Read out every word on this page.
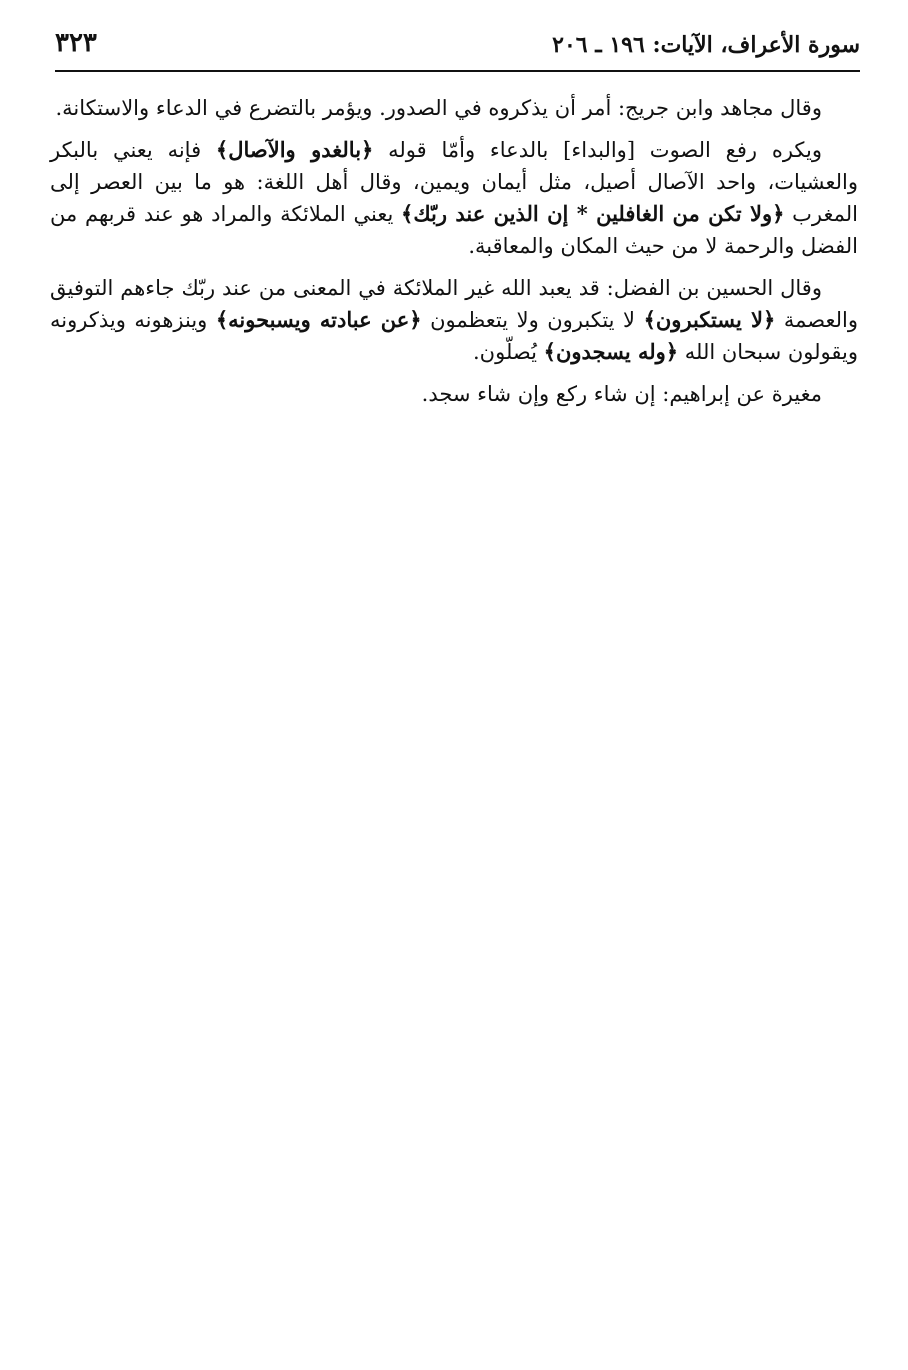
سورة الأعراف، الآيات: ١٩٦ ـ ٢٠٦
٣٢٣

وقال مجاهد وابن جريج: أمر أن يذكروه في الصدور. ويؤمر بالتضرع في الدعاء والاستكانة.

ويكره رفع الصوت [والبداء] بالدعاء وأمّا قوله ﴿بالغدو والآصال﴾ فإنه يعني بالبكر والعشيات، واحد الآصال أصيل، مثل أيمان ويمين، وقال أهل اللغة: هو ما بين العصر إلى المغرب ﴿ولا تكن من الغافلين * إن الذين عند ربّك﴾ يعني الملائكة والمراد هو عند قربهم من الفضل والرحمة لا من حيث المكان والمعاقبة.

وقال الحسين بن الفضل: قد يعبد الله غير الملائكة في المعنى من عند ربّك جاءهم التوفيق والعصمة ﴿لا يستكبرون﴾ لا يتكبرون ولا يتعظمون ﴿عن عبادته ويسبحونه﴾ وينزهونه ويذكرونه ويقولون سبحان الله ﴿وله يسجدون﴾ يُصلّون.

مغيرة عن إبراهيم: إن شاء ركع وإن شاء سجد.
